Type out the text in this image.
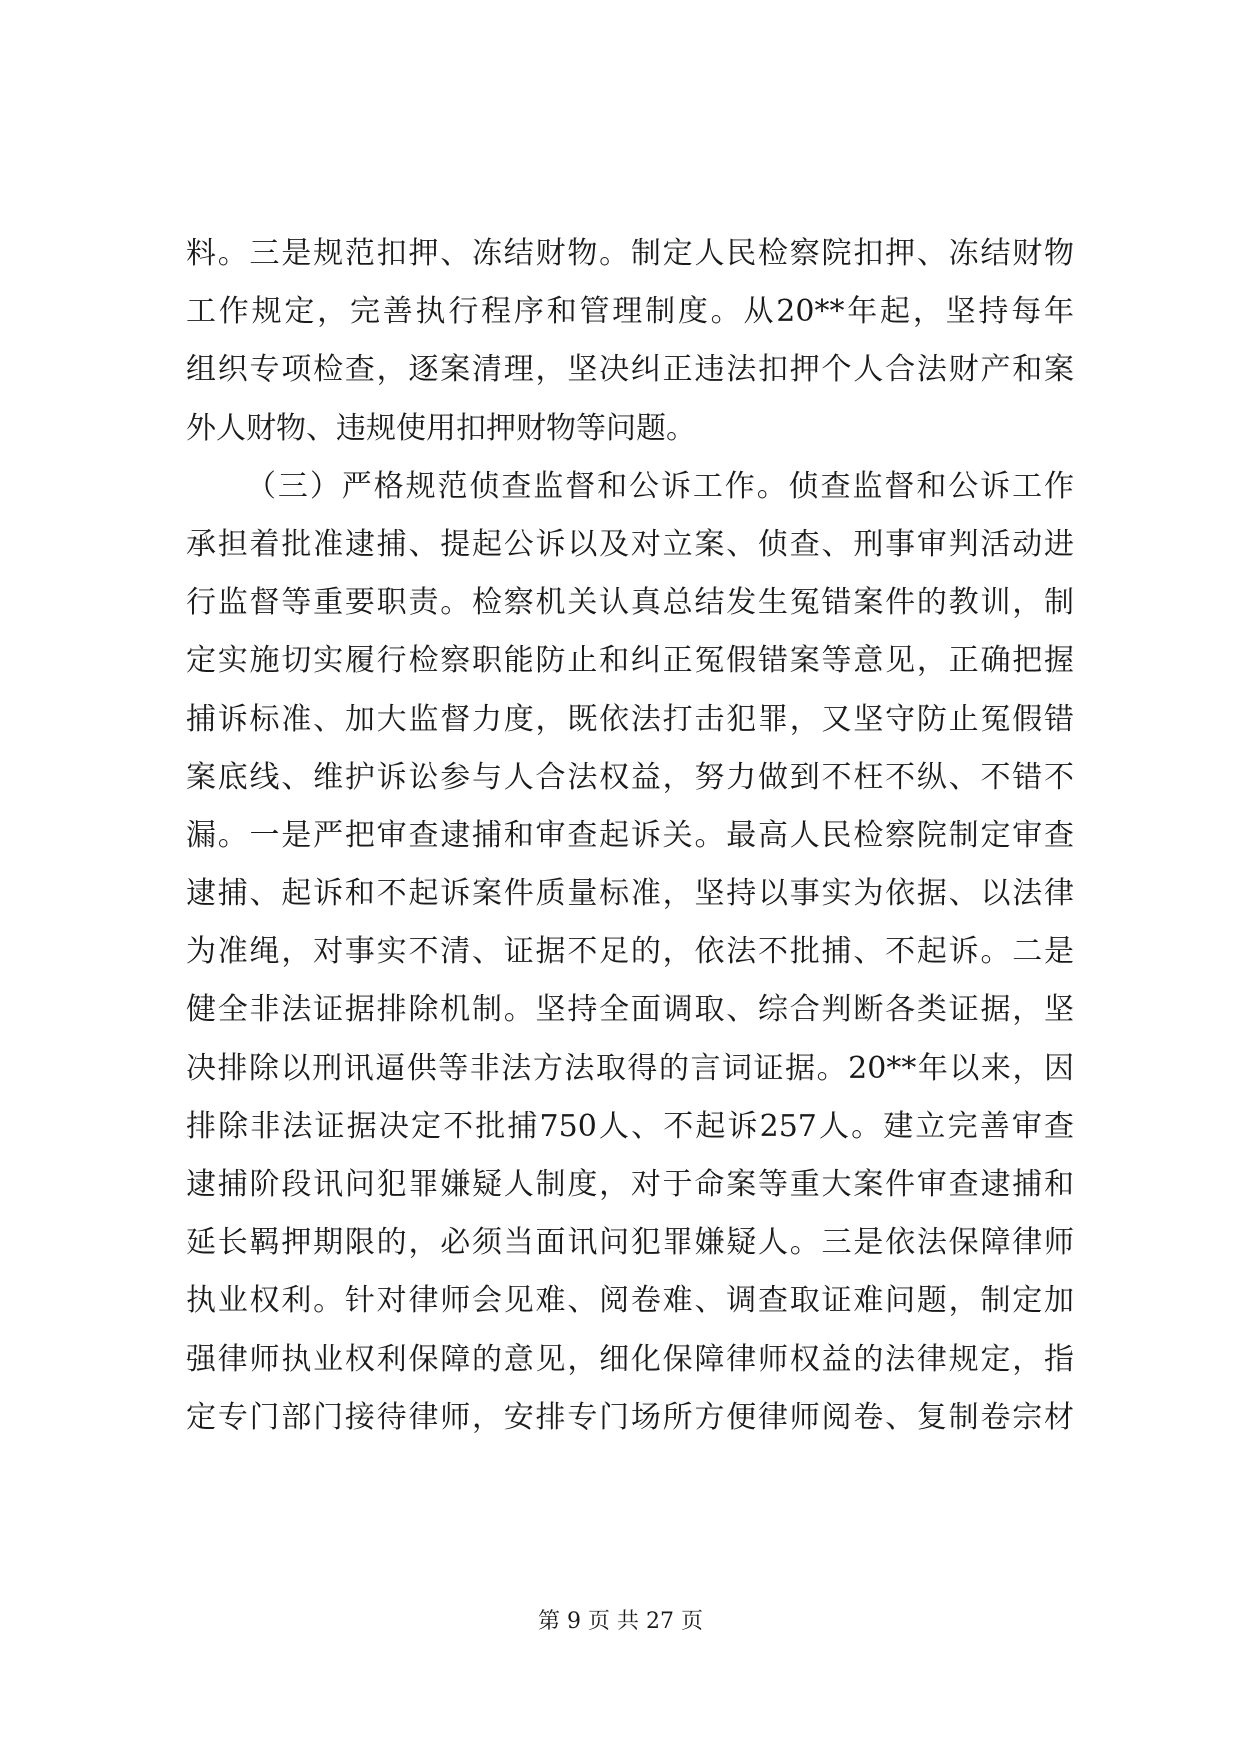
料。三是规范扣押、冻结财物。制定人民检察院扣押、冻结财物
工作规定，完善执行程序和管理制度。从20**年起，坚持每年
组织专项检查，逐案清理，坚决纠正违法扣押个人合法财产和案
外人财物、违规使用扣押财物等问题。
（三）严格规范侦查监督和公诉工作。侦查监督和公诉工作
承担着批准逮捕、提起公诉以及对立案、侦查、刑事审判活动进
行监督等重要职责。检察机关认真总结发生冤错案件的教训，制
定实施切实履行检察职能防止和纠正冤假错案等意见，正确把握
捕诉标准、加大监督力度，既依法打击犯罪，又坚守防止冤假错
案底线、维护诉讼参与人合法权益，努力做到不枉不纵、不错不
漏。一是严把审查逮捕和审查起诉关。最高人民检察院制定审查
逮捕、起诉和不起诉案件质量标准，坚持以事实为依据、以法律
为准绳，对事实不清、证据不足的，依法不批捕、不起诉。二是
健全非法证据排除机制。坚持全面调取、综合判断各类证据，坚
决排除以刑讯逼供等非法方法取得的言词证据。20**年以来，因
排除非法证据决定不批捕750人、不起诉257人。建立完善审查
逮捕阶段讯问犯罪嫌疑人制度，对于命案等重大案件审查逮捕和
延长羁押期限的，必须当面讯问犯罪嫌疑人。三是依法保障律师
执业权利。针对律师会见难、阅卷难、调查取证难问题，制定加
强律师执业权利保障的意见，细化保障律师权益的法律规定，指
定专门部门接待律师，安排专门场所方便律师阅卷、复制卷宗材
第 9 页 共 27 页
